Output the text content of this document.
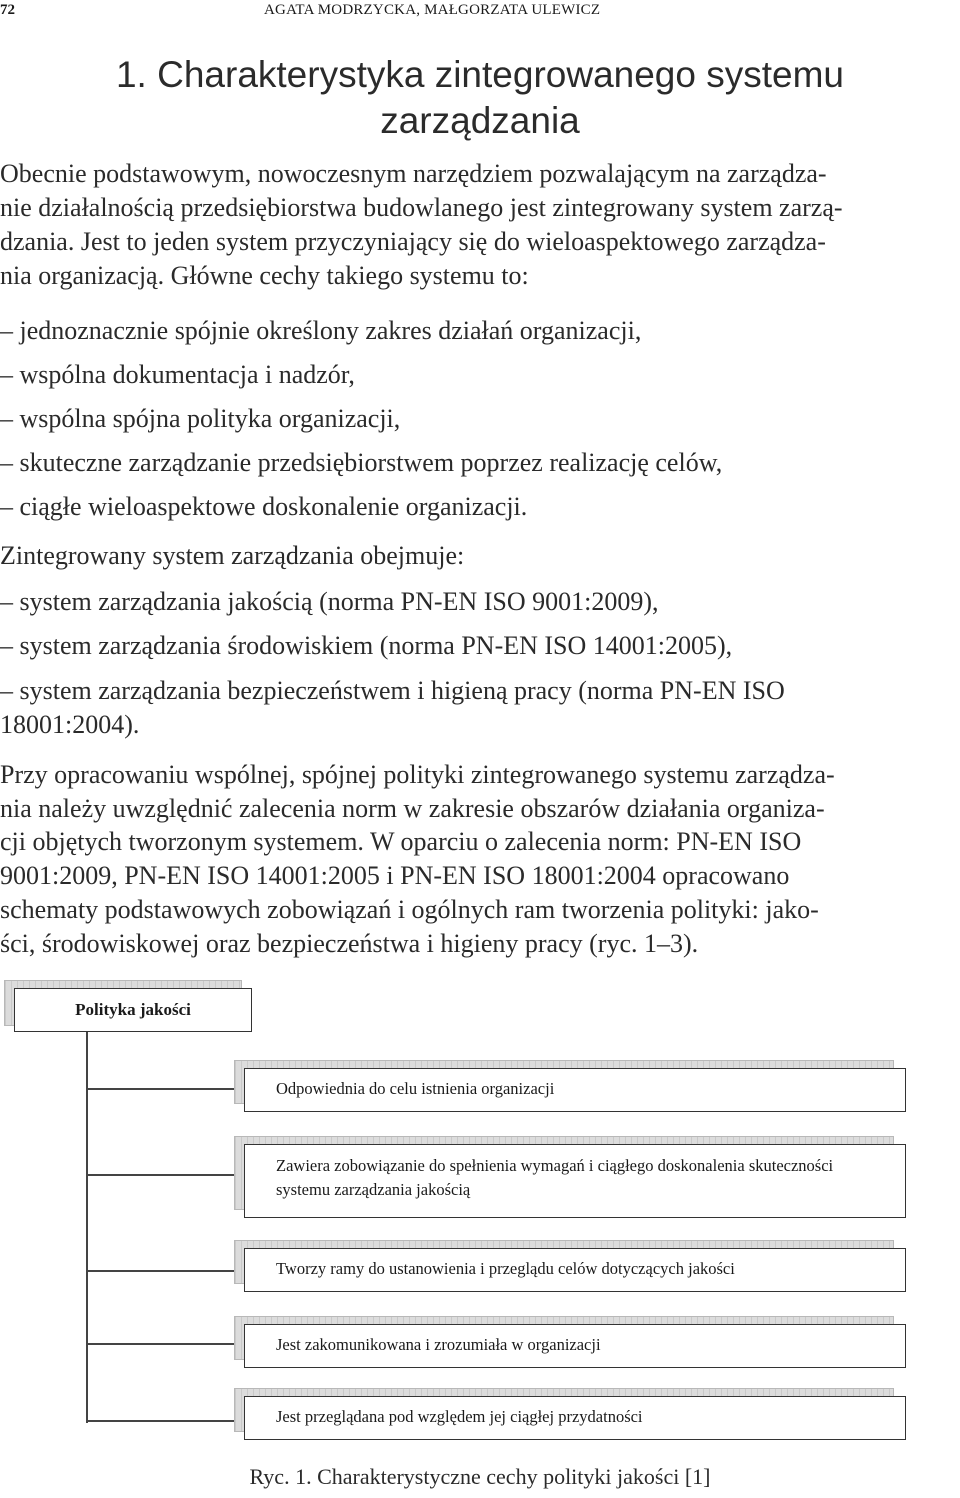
72	AGATA MODRZYCKA, MAŁGORZATA ULEWICZ
1. Charakterystyka zintegrowanego systemu
zarządzania
Obecnie podstawowym, nowoczesnym narzędziem pozwalającym na zarządza-
nie działalnością przedsiębiorstwa budowlanego jest zintegrowany system zarzą-
dzania. Jest to jeden system przyczyniający się do wieloaspektowego zarządza-
nia organizacją. Główne cechy takiego systemu to:
– jednoznacznie spójnie określony zakres działań organizacji,
– wspólna dokumentacja i nadzór,
– wspólna spójna polityka organizacji,
– skuteczne zarządzanie przedsiębiorstwem poprzez realizację celów,
– ciągłe wieloaspektowe doskonalenie organizacji.
Zintegrowany system zarządzania obejmuje:
– system zarządzania jakością (norma PN-EN ISO 9001:2009),
– system zarządzania środowiskiem (norma PN-EN ISO 14001:2005),
– system zarządzania bezpieczeństwem i higieną pracy (norma PN-EN ISO
18001:2004).
Przy opracowaniu wspólnej, spójnej polityki zintegrowanego systemu zarządza-
nia należy uwzględnić zalecenia norm w zakresie obszarów działania organiza-
cji objętych tworzonym systemem. W oparciu o zalecenia norm: PN-EN ISO
9001:2009, PN-EN ISO 14001:2005 i PN-EN ISO 18001:2004 opracowano
schematy podstawowych zobowiązań i ogólnych ram tworzenia polityki: jako-
ści, środowiskowej oraz bezpieczeństwa i higieny pracy (ryc. 1–3).
Polityka jakości
Odpowiednia do celu istnienia organizacji
Zawiera zobowiązanie do spełnienia wymagań i ciągłego doskonalenia skuteczności systemu zarządzania jakością
Tworzy ramy do ustanowienia i przeglądu celów dotyczących jakości
Jest zakomunikowana i zrozumiała w organizacji
Jest przeglądana pod względem jej ciągłej przydatności
Ryc. 1. Charakterystyczne cechy polityki jakości [1]
